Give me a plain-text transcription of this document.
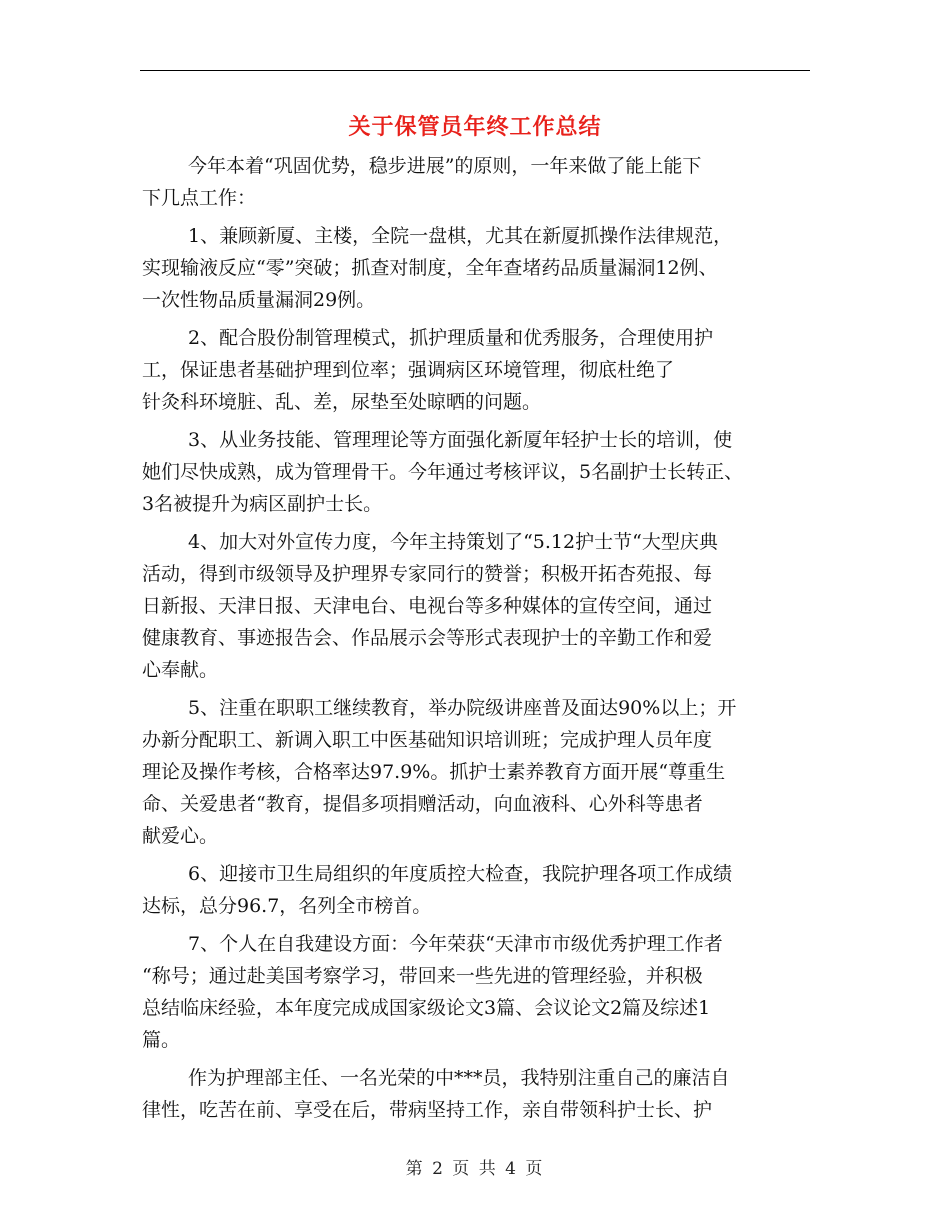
关于保管员年终工作总结
今年本着“巩固优势，稳步进展”的原则，一年来做了能上能下
下几点工作：
1、兼顾新厦、主楼，全院一盘棋，尤其在新厦抓操作法律规范，
实现输液反应“零”突破；抓查对制度，全年查堵药品质量漏洞12例、
一次性物品质量漏洞29例。
2、配合股份制管理模式，抓护理质量和优秀服务，合理使用护
工，保证患者基础护理到位率；强调病区环境管理，彻底杜绝了
针灸科环境脏、乱、差，尿垫至处晾晒的问题。
3、从业务技能、管理理论等方面强化新厦年轻护士长的培训，使
她们尽快成熟，成为管理骨干。今年通过考核评议，5名副护士长转正、
3名被提升为病区副护士长。
4、加大对外宣传力度，今年主持策划了“5.12护士节“大型庆典
活动，得到市级领导及护理界专家同行的赞誉；积极开拓杏苑报、每
日新报、天津日报、天津电台、电视台等多种媒体的宣传空间，通过
健康教育、事迹报告会、作品展示会等形式表现护士的辛勤工作和爱
心奉献。
5、注重在职职工继续教育，举办院级讲座普及面达90%以上；开
办新分配职工、新调入职工中医基础知识培训班；完成护理人员年度
理论及操作考核，合格率达97.9%。抓护士素养教育方面开展“尊重生
命、关爱患者“教育，提倡多项捐赠活动，向血液科、心外科等患者
献爱心。
6、迎接市卫生局组织的年度质控大检查，我院护理各项工作成绩
达标，总分96.7，名列全市榜首。
7、个人在自我建设方面：今年荣获“天津市市级优秀护理工作者
“称号；通过赴美国考察学习，带回来一些先进的管理经验，并积极
总结临床经验，本年度完成成国家级论文3篇、会议论文2篇及综述1
篇。
作为护理部主任、一名光荣的中***员，我特别注重自己的廉洁自
律性，吃苦在前、享受在后，带病坚持工作，亲自带领科护士长、护
第 2 页 共 4 页
